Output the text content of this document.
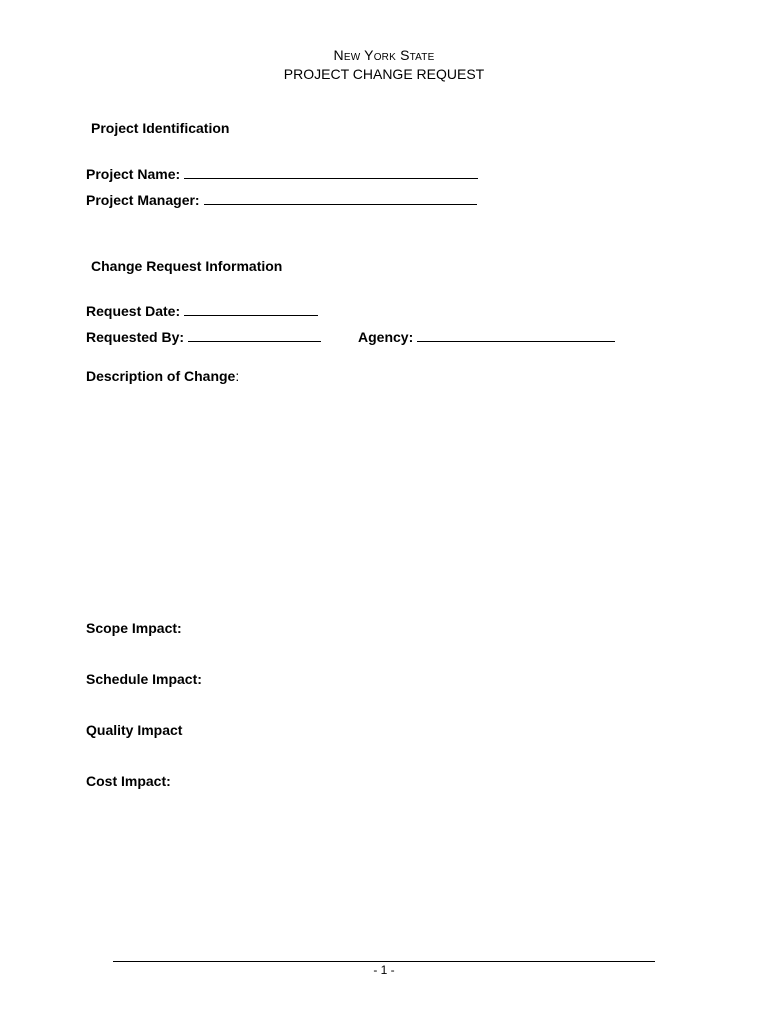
New York State
PROJECT CHANGE REQUEST
Project Identification
Project Name:
Project Manager:
Change Request Information
Request Date:
Requested By:	Agency:
Description of Change:
Scope Impact:
Schedule Impact:
Quality Impact
Cost Impact:
- 1 -
